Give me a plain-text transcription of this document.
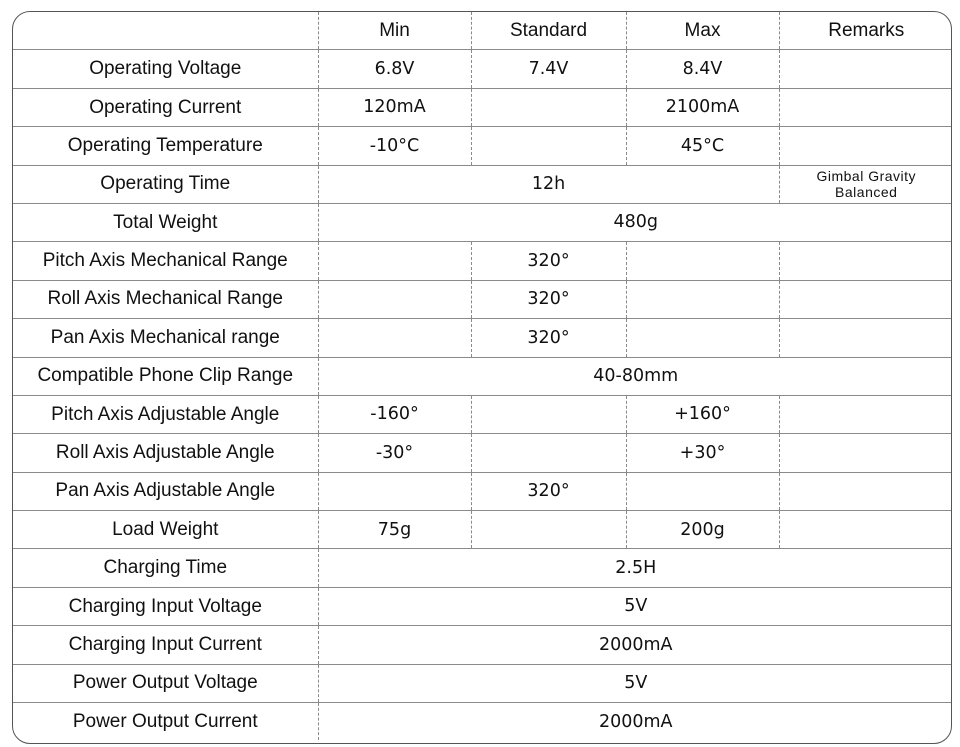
	Min	Standard	Max	Remarks
Operating Voltage	6.8V	7.4V	8.4V	
Operating Current	120mA		2100mA	
Operating Temperature	-10°C		45°C	
Operating Time	12h			Gimbal Gravity
Balanced
Total Weight	480g			
Pitch Axis Mechanical Range		320°		
Roll Axis Mechanical Range		320°		
Pan Axis Mechanical range		320°		
Compatible Phone Clip Range	40-80mm			
Pitch Axis Adjustable Angle	-160°		+160°	
Roll Axis Adjustable Angle	-30°		+30°	
Pan Axis Adjustable Angle		320°		
Load Weight	75g		200g	
Charging Time	2.5H			
Charging Input Voltage	5V			
Charging Input Current	2000mA			
Power Output Voltage	5V			
Power Output Current	2000mA			
